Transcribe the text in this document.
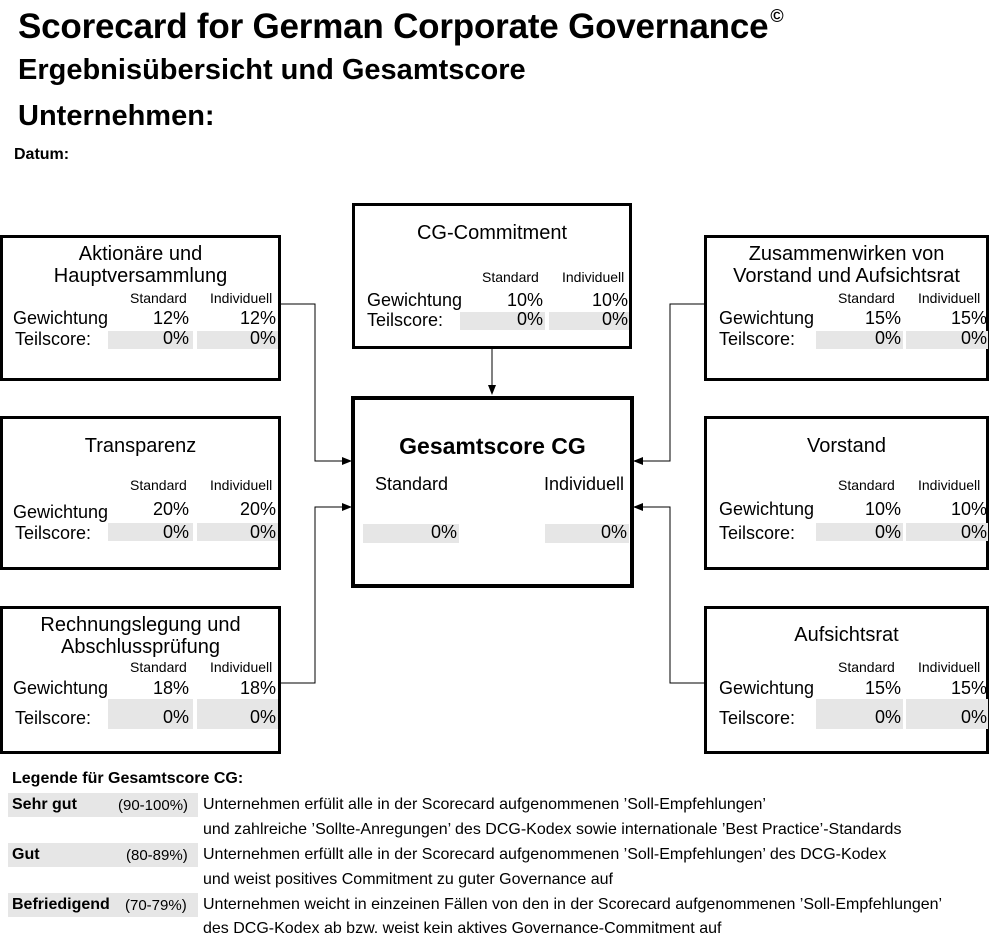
Scorecard for German Corporate Governance ©
Ergebnisübersicht und Gesamtscore
Unternehmen:
Datum:
Aktionäre und
Hauptversammlung
Standard Individuell
Gewichtung	12%	12%
Teilscore:	0%	0%
CG-Commitment
Standard Individuell
Gewichtung	10%	10%
Teilscore:	0%	0%
Zusammenwirken von
Vorstand und Aufsichtsrat
Standard Individuell
Gewichtung	15%	15%
Teilscore:	0%	0%
Transparenz
Standard Individuell
Gewichtung	20%	20%
Teilscore:	0%	0%
Vorstand
Standard Individuell
Gewichtung	10%	10%
Teilscore:	0%	0%
Rechnungslegung und
Abschlussprüfung
Standard Individuell
Gewichtung	18%	18%
Teilscore:	0%	0%
Aufsichtsrat
Standard Individuell
Gewichtung	15%	15%
Teilscore:	0%	0%
Gesamtscore CG
Standard	Individuell
0%	0%
Legende für Gesamtscore CG:
Sehr gut	(90-100%) Unternehmen erfülit alle in der Scorecard aufgenommenen ’Soll-Empfehlungen’
und zahlreiche ’Sollte-Anregungen’ des DCG-Kodex sowie internationale ’Best Practice’-Standards
Gut	(80-89%) Unternehmen erfüllt alle in der Scorecard aufgenommenen ’Soll-Empfehlungen’ des DCG-Kodex
und weist positives Commitment zu guter Governance auf
Befriedigend (70-79%) Unternehmen weicht in einzeinen Fällen von den in der Scorecard aufgenommenen ’Soll-Empfehlungen’
des DCG-Kodex ab bzw. weist kein aktives Governance-Commitment auf
